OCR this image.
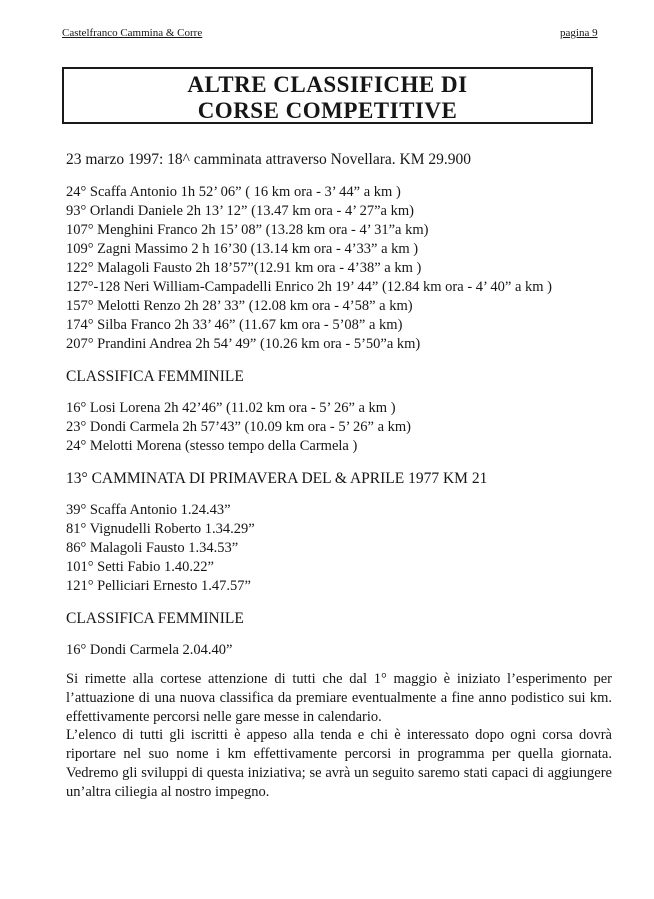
Castelfranco Cammina & Corre	pagina 9
ALTRE CLASSIFICHE DI
CORSE COMPETITIVE
23 marzo 1997: 18^ camminata attraverso Novellara. KM 29.900
24° Scaffa Antonio 1h 52’ 06” ( 16 km ora - 3’ 44” a km )
93° Orlandi Daniele 2h 13’ 12” (13.47 km ora - 4’ 27”a km)
107° Menghini Franco 2h 15’ 08” (13.28 km ora - 4’ 31”a km)
109° Zagni Massimo 2 h 16’30 (13.14 km ora - 4’33” a km )
122° Malagoli Fausto 2h 18’57”(12.91 km ora - 4’38” a km )
127°-128 Neri William-Campadelli Enrico 2h 19’ 44” (12.84 km ora - 4’ 40” a km )
157° Melotti Renzo 2h 28’ 33” (12.08 km ora - 4’58” a km)
174° Silba Franco 2h 33’ 46” (11.67 km ora - 5’08” a km)
207° Prandini Andrea 2h 54’ 49” (10.26 km ora - 5’50”a km)
CLASSIFICA FEMMINILE
16° Losi Lorena 2h 42’46” (11.02 km ora - 5’ 26” a km )
23° Dondi Carmela 2h 57’43” (10.09 km ora - 5’ 26” a km)
24° Melotti Morena (stesso tempo della Carmela )
13° CAMMINATA DI PRIMAVERA DEL & APRILE 1977 KM 21
39° Scaffa Antonio 1.24.43”
81° Vignudelli Roberto 1.34.29”
86° Malagoli Fausto 1.34.53”
101° Setti Fabio 1.40.22”
121° Pelliciari Ernesto 1.47.57”
CLASSIFICA FEMMINILE
16° Dondi Carmela 2.04.40”

Si rimette alla cortese attenzione di tutti che dal 1° maggio è iniziato l’esperimento per l’attuazione di una nuova classifica da premiare eventualmente a fine anno podistico sui km. effettivamente percorsi nelle gare messe in calendario.

L’elenco di tutti gli iscritti è appeso alla tenda e chi è interessato dopo ogni corsa dovrà riportare nel suo nome i km effettivamente percorsi in programma per quella giornata. Vedremo gli sviluppi di questa iniziativa; se avrà un seguito saremo stati capaci di aggiungere un’altra ciliegia al nostro impegno.
